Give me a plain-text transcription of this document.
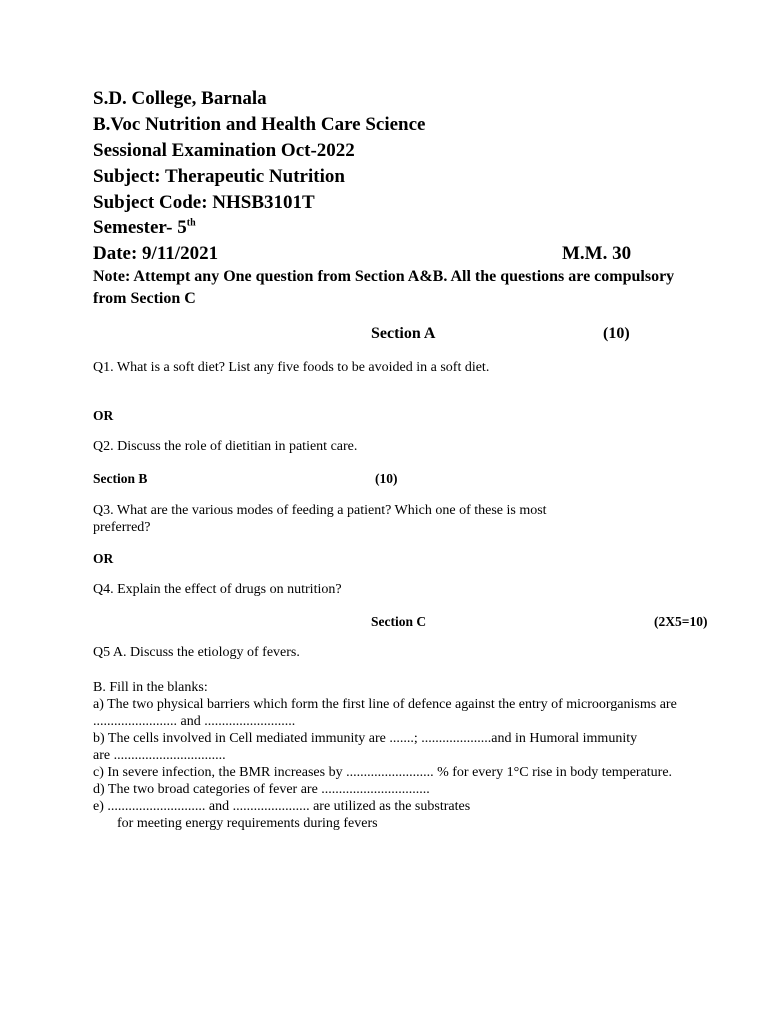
S.D. College, Barnala
B.Voc Nutrition and Health Care Science
Sessional Examination Oct-2022
Subject: Therapeutic Nutrition
Subject Code: NHSB3101T
Semester- 5th
Date: 9/11/2021	M.M. 30
Note: Attempt any One question from Section A&B. All the questions are compulsory from Section C
Section A	(10)
Q1. What is a soft diet? List any five foods to be avoided in a soft diet.
OR
Q2. Discuss the role of dietitian in patient care.
Section B	(10)
Q3. What are the various modes of feeding a patient? Which one of these is most preferred?
OR
Q4. Explain the effect of drugs on nutrition?
Section C	(2X5=10)
Q5 A. Discuss the etiology of fevers.
B. Fill in the blanks:
a) The two physical barriers which form the first line of defence against the entry of microorganisms are
........................ and ..........................
b) The cells involved in Cell mediated immunity are .......; ....................and in Humoral immunity
are ................................
c) In severe infection, the BMR increases by ......................... % for every 1°C rise in body temperature.
d) The two broad categories of fever are ...............................
e) ............................ and ...................... are utilized as the substrates
for meeting energy requirements during fevers
